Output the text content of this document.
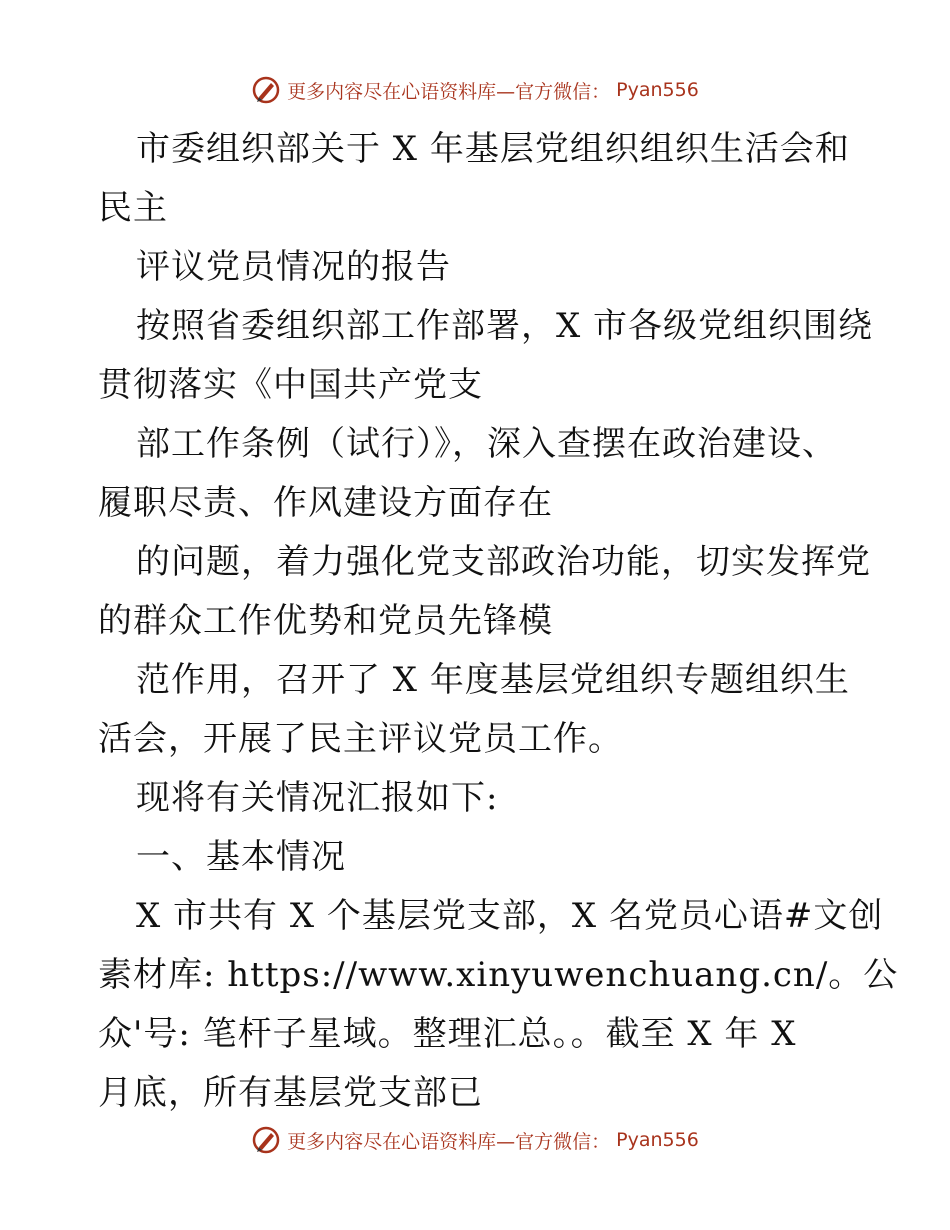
更多内容尽在心语资料库—官方微信： Pyan556
市委组织部关于 X 年基层党组织组织生活会和
民主
评议党员情况的报告
按照省委组织部工作部署，X 市各级党组织围绕
贯彻落实《中国共产党支
部工作条例（试行）》，深入查摆在政治建设、
履职尽责、作风建设方面存在
的问题，着力强化党支部政治功能，切实发挥党
的群众工作优势和党员先锋模
范作用，召开了 X 年度基层党组织专题组织生
活会，开展了民主评议党员工作。
现将有关情况汇报如下:
一、基本情况
X 市共有 X 个基层党支部，X 名党员心语#文创
素材库: https://www.xinyuwenchuang.cn/。公
众'号: 笔杆子星域。整理汇总。。截至 X 年 X
月底，所有基层党支部已
更多内容尽在心语资料库—官方微信： Pyan556
